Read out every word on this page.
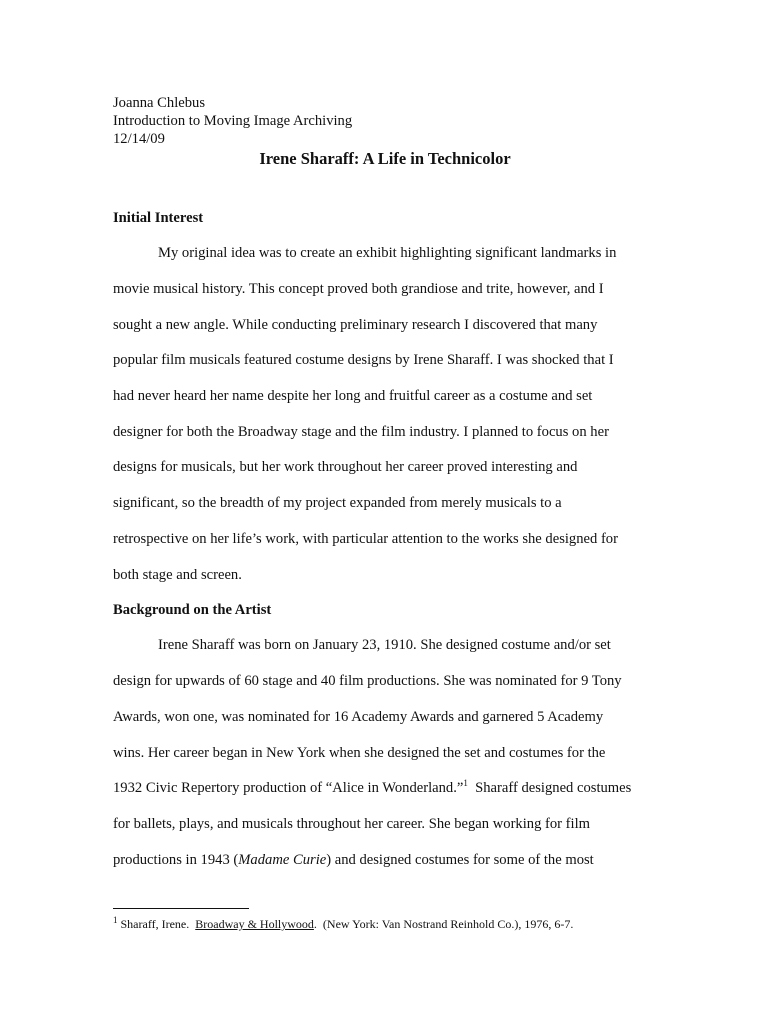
Joanna Chlebus
Introduction to Moving Image Archiving
12/14/09
Irene Sharaff: A Life in Technicolor
Initial Interest
My original idea was to create an exhibit highlighting significant landmarks in
movie musical history. This concept proved both grandiose and trite, however, and I
sought a new angle. While conducting preliminary research I discovered that many
popular film musicals featured costume designs by Irene Sharaff. I was shocked that I
had never heard her name despite her long and fruitful career as a costume and set
designer for both the Broadway stage and the film industry. I planned to focus on her
designs for musicals, but her work throughout her career proved interesting and
significant, so the breadth of my project expanded from merely musicals to a
retrospective on her life’s work, with particular attention to the works she designed for
both stage and screen.
Background on the Artist
Irene Sharaff was born on January 23, 1910. She designed costume and/or set
design for upwards of 60 stage and 40 film productions. She was nominated for 9 Tony
Awards, won one, was nominated for 16 Academy Awards and garnered 5 Academy
wins. Her career began in New York when she designed the set and costumes for the
1932 Civic Repertory production of “Alice in Wonderland.”$^1$  Sharaff designed costumes
for ballets, plays, and musicals throughout her career. She began working for film
productions in 1943 (Madame Curie) and designed costumes for some of the most
$^1$ Sharaff, Irene.  Broadway & Hollywood.  (New York: Van Nostrand Reinhold Co.), 1976, 6-7.
